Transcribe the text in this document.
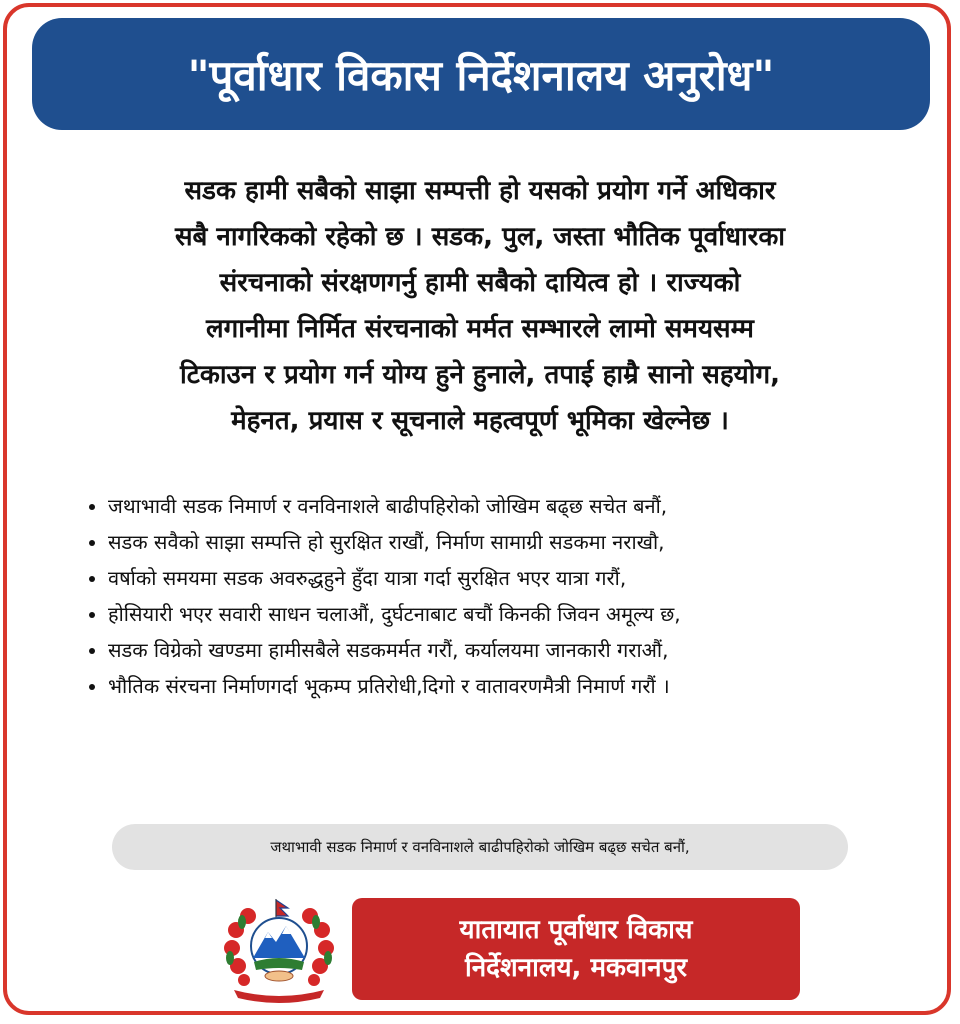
"पूर्वाधार विकास निर्देशनालय अनुरोध"
सडक हामी सबैको साझा सम्पत्ती हो यसको प्रयोग गर्ने अधिकार
सबै नागरिकको रहेको छ । सडक, पुल, जस्ता भौतिक पूर्वाधारका
संरचनाको संरक्षणगर्नु हामी सबैको दायित्व हो । राज्यको
लगानीमा निर्मित संरचनाको मर्मत सम्भारले लामो समयसम्म
टिकाउन र प्रयोग गर्न योग्य हुने हुनाले, तपाई हाम्रै सानो सहयोग,
मेहनत, प्रयास र सूचनाले महत्वपूर्ण भूमिका खेल्नेछ ।
• जथाभावी सडक निमार्ण र वनविनाशले बाढीपहिरोको जोखिम बढ्छ सचेत बनौं,
• सडक सवैको साझा सम्पत्ति हो सुरक्षित राखौं, निर्माण सामाग्री सडकमा नराखौ,
• वर्षाको समयमा सडक अवरुद्धहुने हुँदा यात्रा गर्दा सुरक्षित भएर यात्रा गरौं,
• होसियारी भएर सवारी साधन चलाऔं, दुर्घटनाबाट बचौं किनकी जिवन अमूल्य छ,
• सडक विग्रेको खण्डमा हामीसबैले सडकमर्मत गरौं, कर्यालयमा जानकारी गराऔं,
• भौतिक संरचना निर्माणगर्दा भूकम्प प्रतिरोधी,दिगो र वातावरणमैत्री निमार्ण गरौं ।
जथाभावी सडक निमार्ण र वनविनाशले बाढीपहिरोको जोखिम बढ्छ सचेत बनौं,
यातायात पूर्वाधार विकास
निर्देशनालय, मकवानपुर
